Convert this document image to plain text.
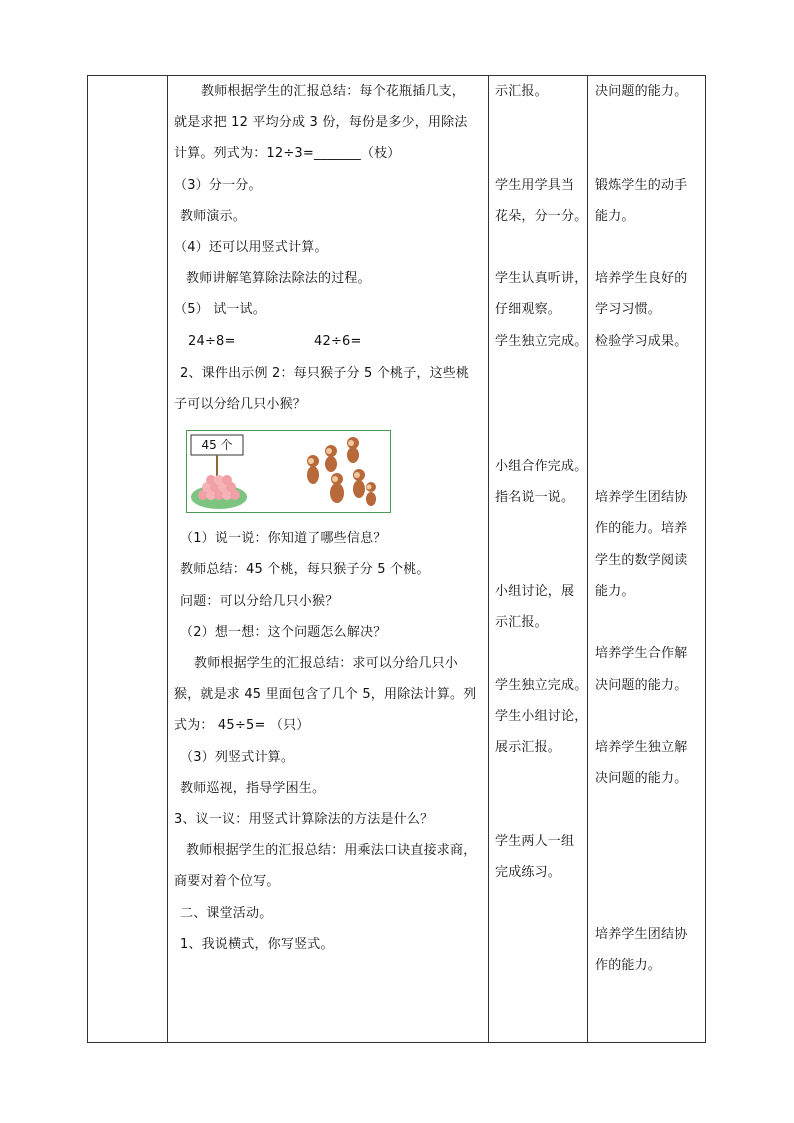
教师根据学生的汇报总结：每个花瓶插几支，
就是求把 12 平均分成 3 份，每份是多少，用除法
计算。列式为：12÷3=_______（枝）
（3）分一分。
教师演示。
（4）还可以用竖式计算。
教师讲解笔算除法除法的过程。
（5） 试一试。
24÷8=	42÷6=
2、课件出示例 2：每只猴子分 5 个桃子，这些桃
子可以分给几只小猴？
45 个
（1）说一说：你知道了哪些信息？
教师总结：45 个桃，每只猴子分 5 个桃。
问题：可以分给几只小猴？
（2）想一想：这个问题怎么解决？
教师根据学生的汇报总结：求可以分给几只小
猴，就是求 45 里面包含了几个 5，用除法计算。列
式为： 45÷5= （只）
（3）列竖式计算。
教师巡视，指导学困生。
3、议一议：用竖式计算除法的方法是什么？
教师根据学生的汇报总结：用乘法口诀直接求商，
商要对着个位写。
二、课堂活动。
1、我说横式，你写竖式。
示汇报。
学生用学具当
花朵，分一分。
学生认真听讲，
仔细观察。
学生独立完成。
小组合作完成。
指名说一说。
小组讨论，展
示汇报。
学生独立完成。
学生小组讨论，
展示汇报。
学生两人一组
完成练习。
决问题的能力。
锻炼学生的动手
能力。
培养学生良好的
学习习惯。
检验学习成果。
培养学生团结协
作的能力。培养
学生的数学阅读
能力。
培养学生合作解
决问题的能力。
培养学生独立解
决问题的能力。
培养学生团结协
作的能力。
